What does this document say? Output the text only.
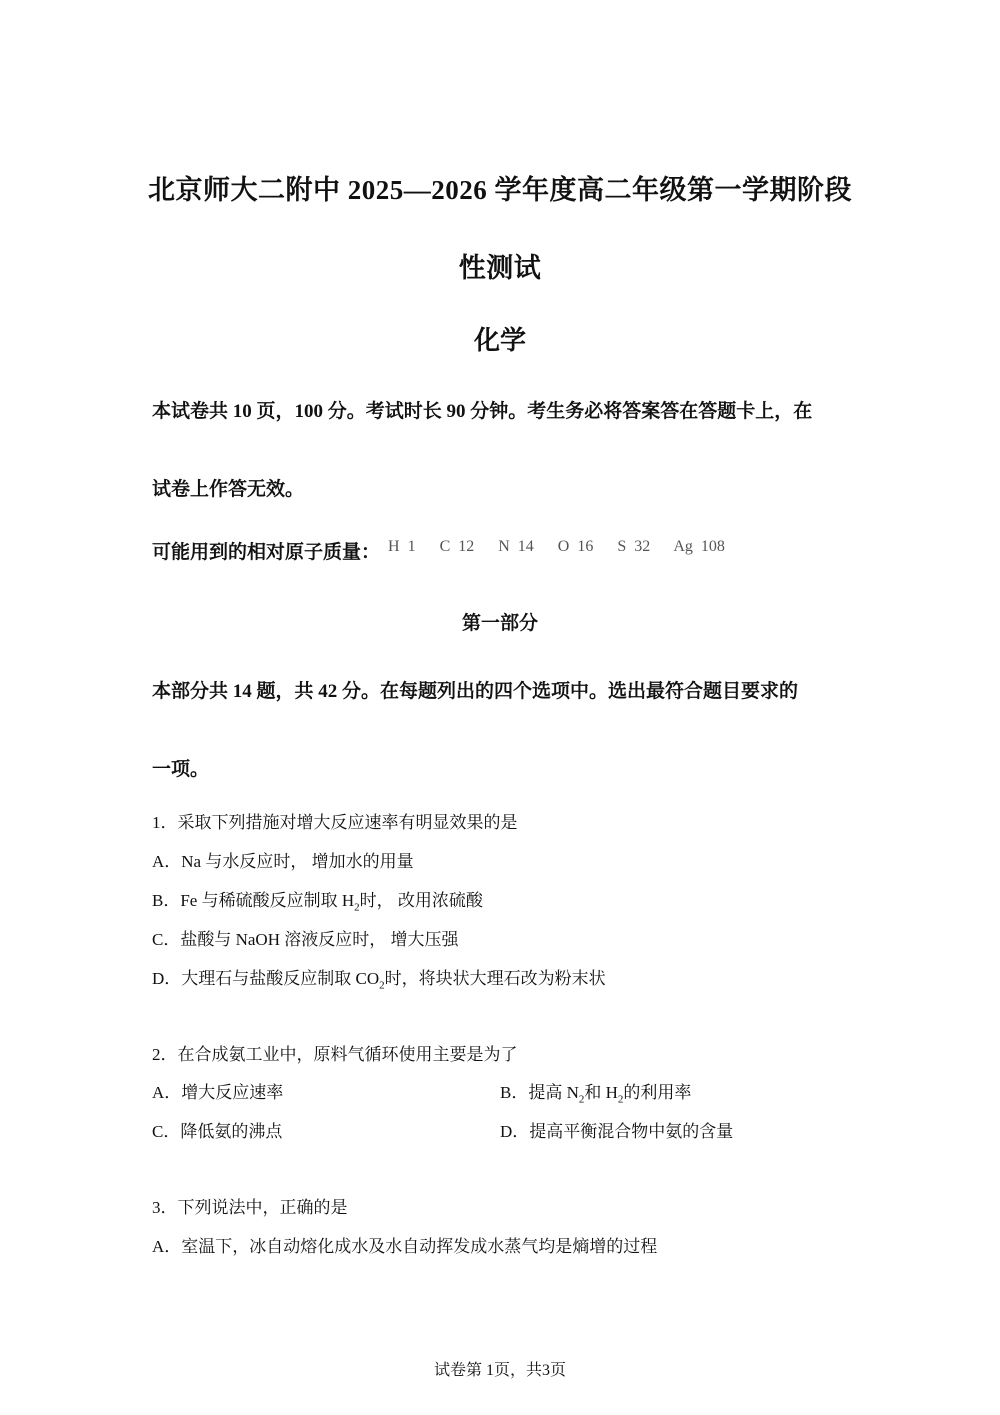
北京师大二附中 2025—2026 学年度高二年级第一学期阶段
性测试
化学
本试卷共 10 页，100 分。考试时长 90 分钟。考生务必将答案答在答题卡上，在
试卷上作答无效。
可能用到的相对原子质量： H 1   C 12   N 14   O 16   S 32   Ag 108
第一部分
本部分共 14 题，共 42 分。在每题列出的四个选项中。选出最符合题目要求的
一项。
1．采取下列措施对增大反应速率有明显效果的是
A．Na 与水反应时， 增加水的用量
B．Fe 与稀硫酸反应制取 $H_2$时， 改用浓硫酸
C．盐酸与 NaOH 溶液反应时， 增大压强
D．大理石与盐酸反应制取 $CO_2$时，将块状大理石改为粉末状
2．在合成氨工业中，原料气循环使用主要是为了
A．增大反应速率	B．提高 $N_2$和 $H_2$的利用率
C．降低氨的沸点	D．提高平衡混合物中氨的含量
3．下列说法中，正确的是
A．室温下，冰自动熔化成水及水自动挥发成水蒸气均是熵增的过程
试卷第 1页，共3页
